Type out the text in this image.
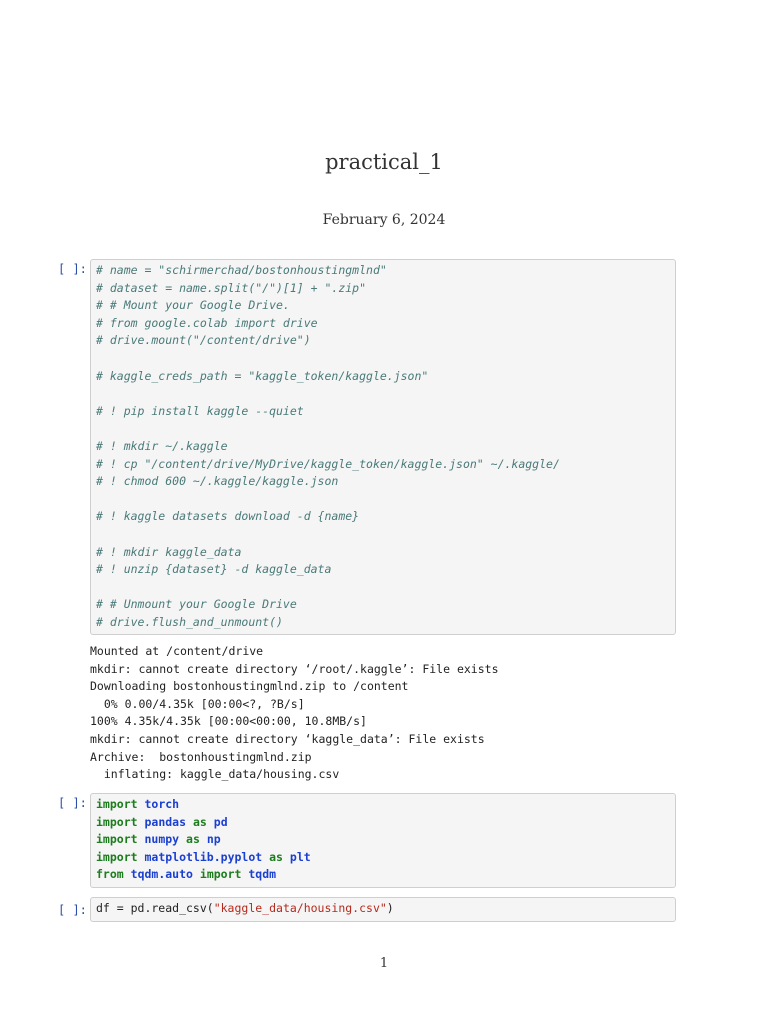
practical_1
February 6, 2024
[ ]: # name = "schirmerchad/bostonhoustingmlnd"
# dataset = name.split("/")[1] + ".zip"
# # Mount your Google Drive.
# from google.colab import drive
# drive.mount("/content/drive")

# kaggle_creds_path = "kaggle_token/kaggle.json"

# ! pip install kaggle --quiet

# ! mkdir ~/.kaggle
# ! cp "/content/drive/MyDrive/kaggle_token/kaggle.json" ~/.kaggle/
# ! chmod 600 ~/.kaggle/kaggle.json

# ! kaggle datasets download -d {name}

# ! mkdir kaggle_data
# ! unzip {dataset} -d kaggle_data

# # Unmount your Google Drive
# drive.flush_and_unmount()
Mounted at /content/drive
mkdir: cannot create directory ‘/root/.kaggle’: File exists
Downloading bostonhoustingmlnd.zip to /content
0% 0.00/4.35k [00:00<?, ?B/s]
100% 4.35k/4.35k [00:00<00:00, 10.8MB/s]
mkdir: cannot create directory ‘kaggle_data’: File exists
Archive:  bostonhoustingmlnd.zip
inflating: kaggle_data/housing.csv
[ ]: import torch
import pandas as pd
import numpy as np
import matplotlib.pyplot as plt
from tqdm.auto import tqdm
[ ]: df = pd.read_csv("kaggle_data/housing.csv")
1
